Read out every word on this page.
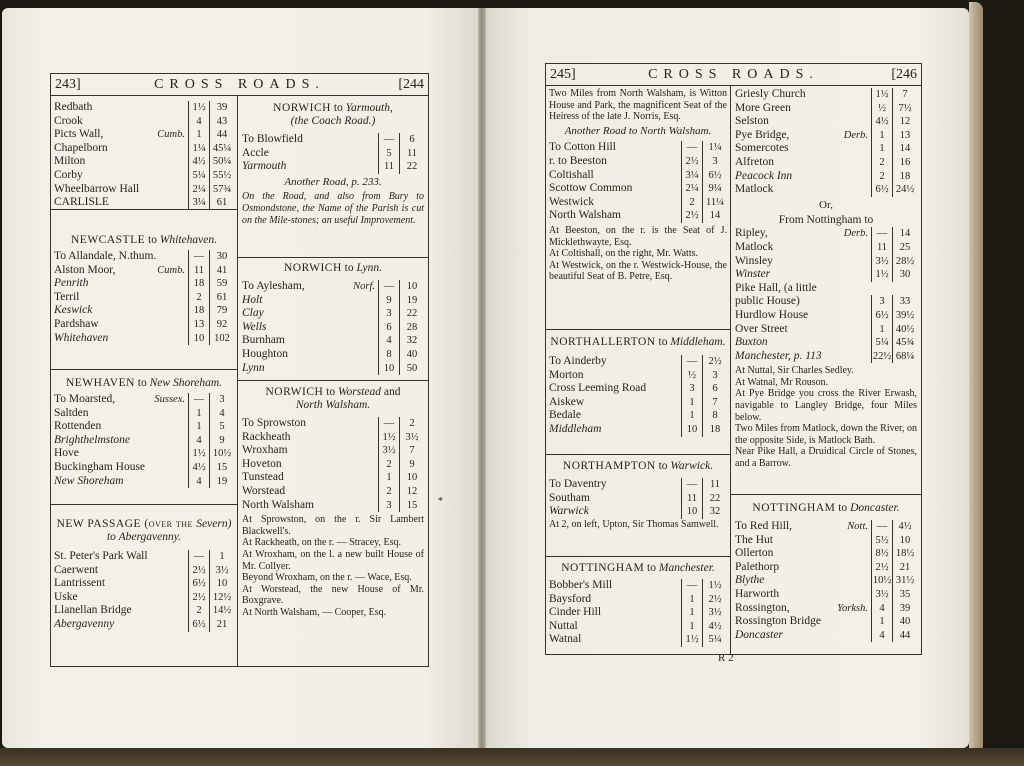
243]	CROSS ROADS.	[244
Redbath	1½	39
Crook	4	43
Picts Wall,	Cumb.	1	44
Chapelborn	1¼ 45¼
Milton	4½ 50¼
Corby	5¼ 55½
Wheelbarrow Hall	2¼ 57¾
CARLISLE	3¼	61
NEWCASTLE to Whitehaven.
To Allandale, N.thum.	—	30
Alston Moor,	Cumb. 11	41
Penrith	18	59
Terril	2	61
Keswick	18	79
Pardshaw	13	92
Whitehaven	10 102
NEWHAVEN to New Shoreham.
To Moarsted,	Sussex. —	3
Saltden	1	4
Rottenden	1	5
Brighthelmstone	4	9
Hove	1½ 10½
Buckingham House	4½	15
New Shoreham	4	19
NEW PASSAGE (over the Severn)
to Abergavenny.
St. Peter's Park Wall	—	1
Caerwent	2½ 3½
Lantrissent	6½	10
Uske	2½ 12½
Llanellan Bridge	2	14½
Abergavenny	6½	21
NORWICH to Yarmouth,
(the Coach Road.)
To Blowfield	—	6
Accle	5	11
Yarmouth	11	22
Another Road, p. 233.
On the Road, and also from Bury to Osmondstone, the Name of the Parish is cut on the Mile-stones; an useful Improvement.
NORWICH to Lynn.
To Aylesham,	Norf. —	10
Holt	9	19
Clay	3	22
Wells	6	28
Burnham	4	32
Houghton	8	40
Lynn	10	50
NORWICH to Worstead and
North Walsham.
To Sprowston	—	2
Rackheath	1½ 3½
Wroxham	3½	7
Hoveton	2	9
Tunstead	1	10
Worstead	2	12
North Walsham	3	15
At Sprowston, on the r. Sir Lambert Blackwell's.
At Rackheath, on the r. — Stracey, Esq.
At Wroxham, on the l. a new built House of Mr. Collyer.
Beyond Wroxham, on the r. — Wace, Esq.
At Worstead, the new House of Mr. Boxgrave.
At North Walsham, — Cooper, Esq.
*
245]	CROSS ROADS.	[246
Two Miles from North Walsham, is Witton House and Park, the magnificent Seat of the Heiress of the late J. Norris, Esq.
Another Road to North Walsham.
To Cotton Hill	—	1¼
r. to Beeston	2½	3
Coltishall	3¼ 6½
Scottow Common	2¼ 9¼
Westwick	2	11¼
North Walsham	2½	14
At Beeston, on the r. is the Seat of J. Micklethwayte, Esq.
At Coltishall, on the right, Mr. Watts.
At Westwick, on the r. Westwick-House, the beautiful Seat of B. Petre, Esq.
NORTHALLERTON to Middleham.
To Ainderby	—	2½
Morton	½	3
Cross Leeming Road	3	6
Aiskew	1	7
Bedale	1	8
Middleham	10	18
NORTHAMPTON to Warwick.
To Daventry	—	11
Southam	11	22
Warwick	10	32
At 2, on left, Upton, Sir Thomas Samwell.
NOTTINGHAM to Manchester.
Bobber's Mill	—	1½
Baysford	1	2½
Cinder Hill	1	3½
Nuttal	1	4½
Watnal	1½ 5¼
Griesly Church	1½	7
More Green	½	7½
Selston	4½	12
Pye Bridge,	Derb.	1	13
Somercotes	1	14
Alfreton	2	16
Peacock Inn	2	18
Matlock	6½ 24½
Or,
From Nottingham to
Ripley,	Derb. —	14
Matlock	11	25
Winsley	3½ 28½
Winster	1½	30
Pike Hall, (a little
public House)	3	33
Hurdlow House	6½ 39½
Over Street	1	40½
Buxton	5¼ 45¾
Manchester, p. 113	22½ 68¼
At Nuttal, Sir Charles Sedley.
At Watnal, Mr Rouson.
At Pye Bridge you cross the River Erwash, navigable to Langley Bridge, four Miles below.
Two Miles from Matlock, down the River, on the opposite Side, is Matlock Bath.
Near Pike Hall, a Druidical Circle of Stones, and a Barrow.
NOTTINGHAM to Doncaster.
To Red Hill,	Nott. —	4½
The Hut	5½	10
Ollerton	8½ 18½
Palethorp	2½	21
Blythe	10½ 31½
Harworth	3½	35
Rossington,	Yorksh.	4	39
Rossington Bridge	1	40
Doncaster	4	44
R 2
